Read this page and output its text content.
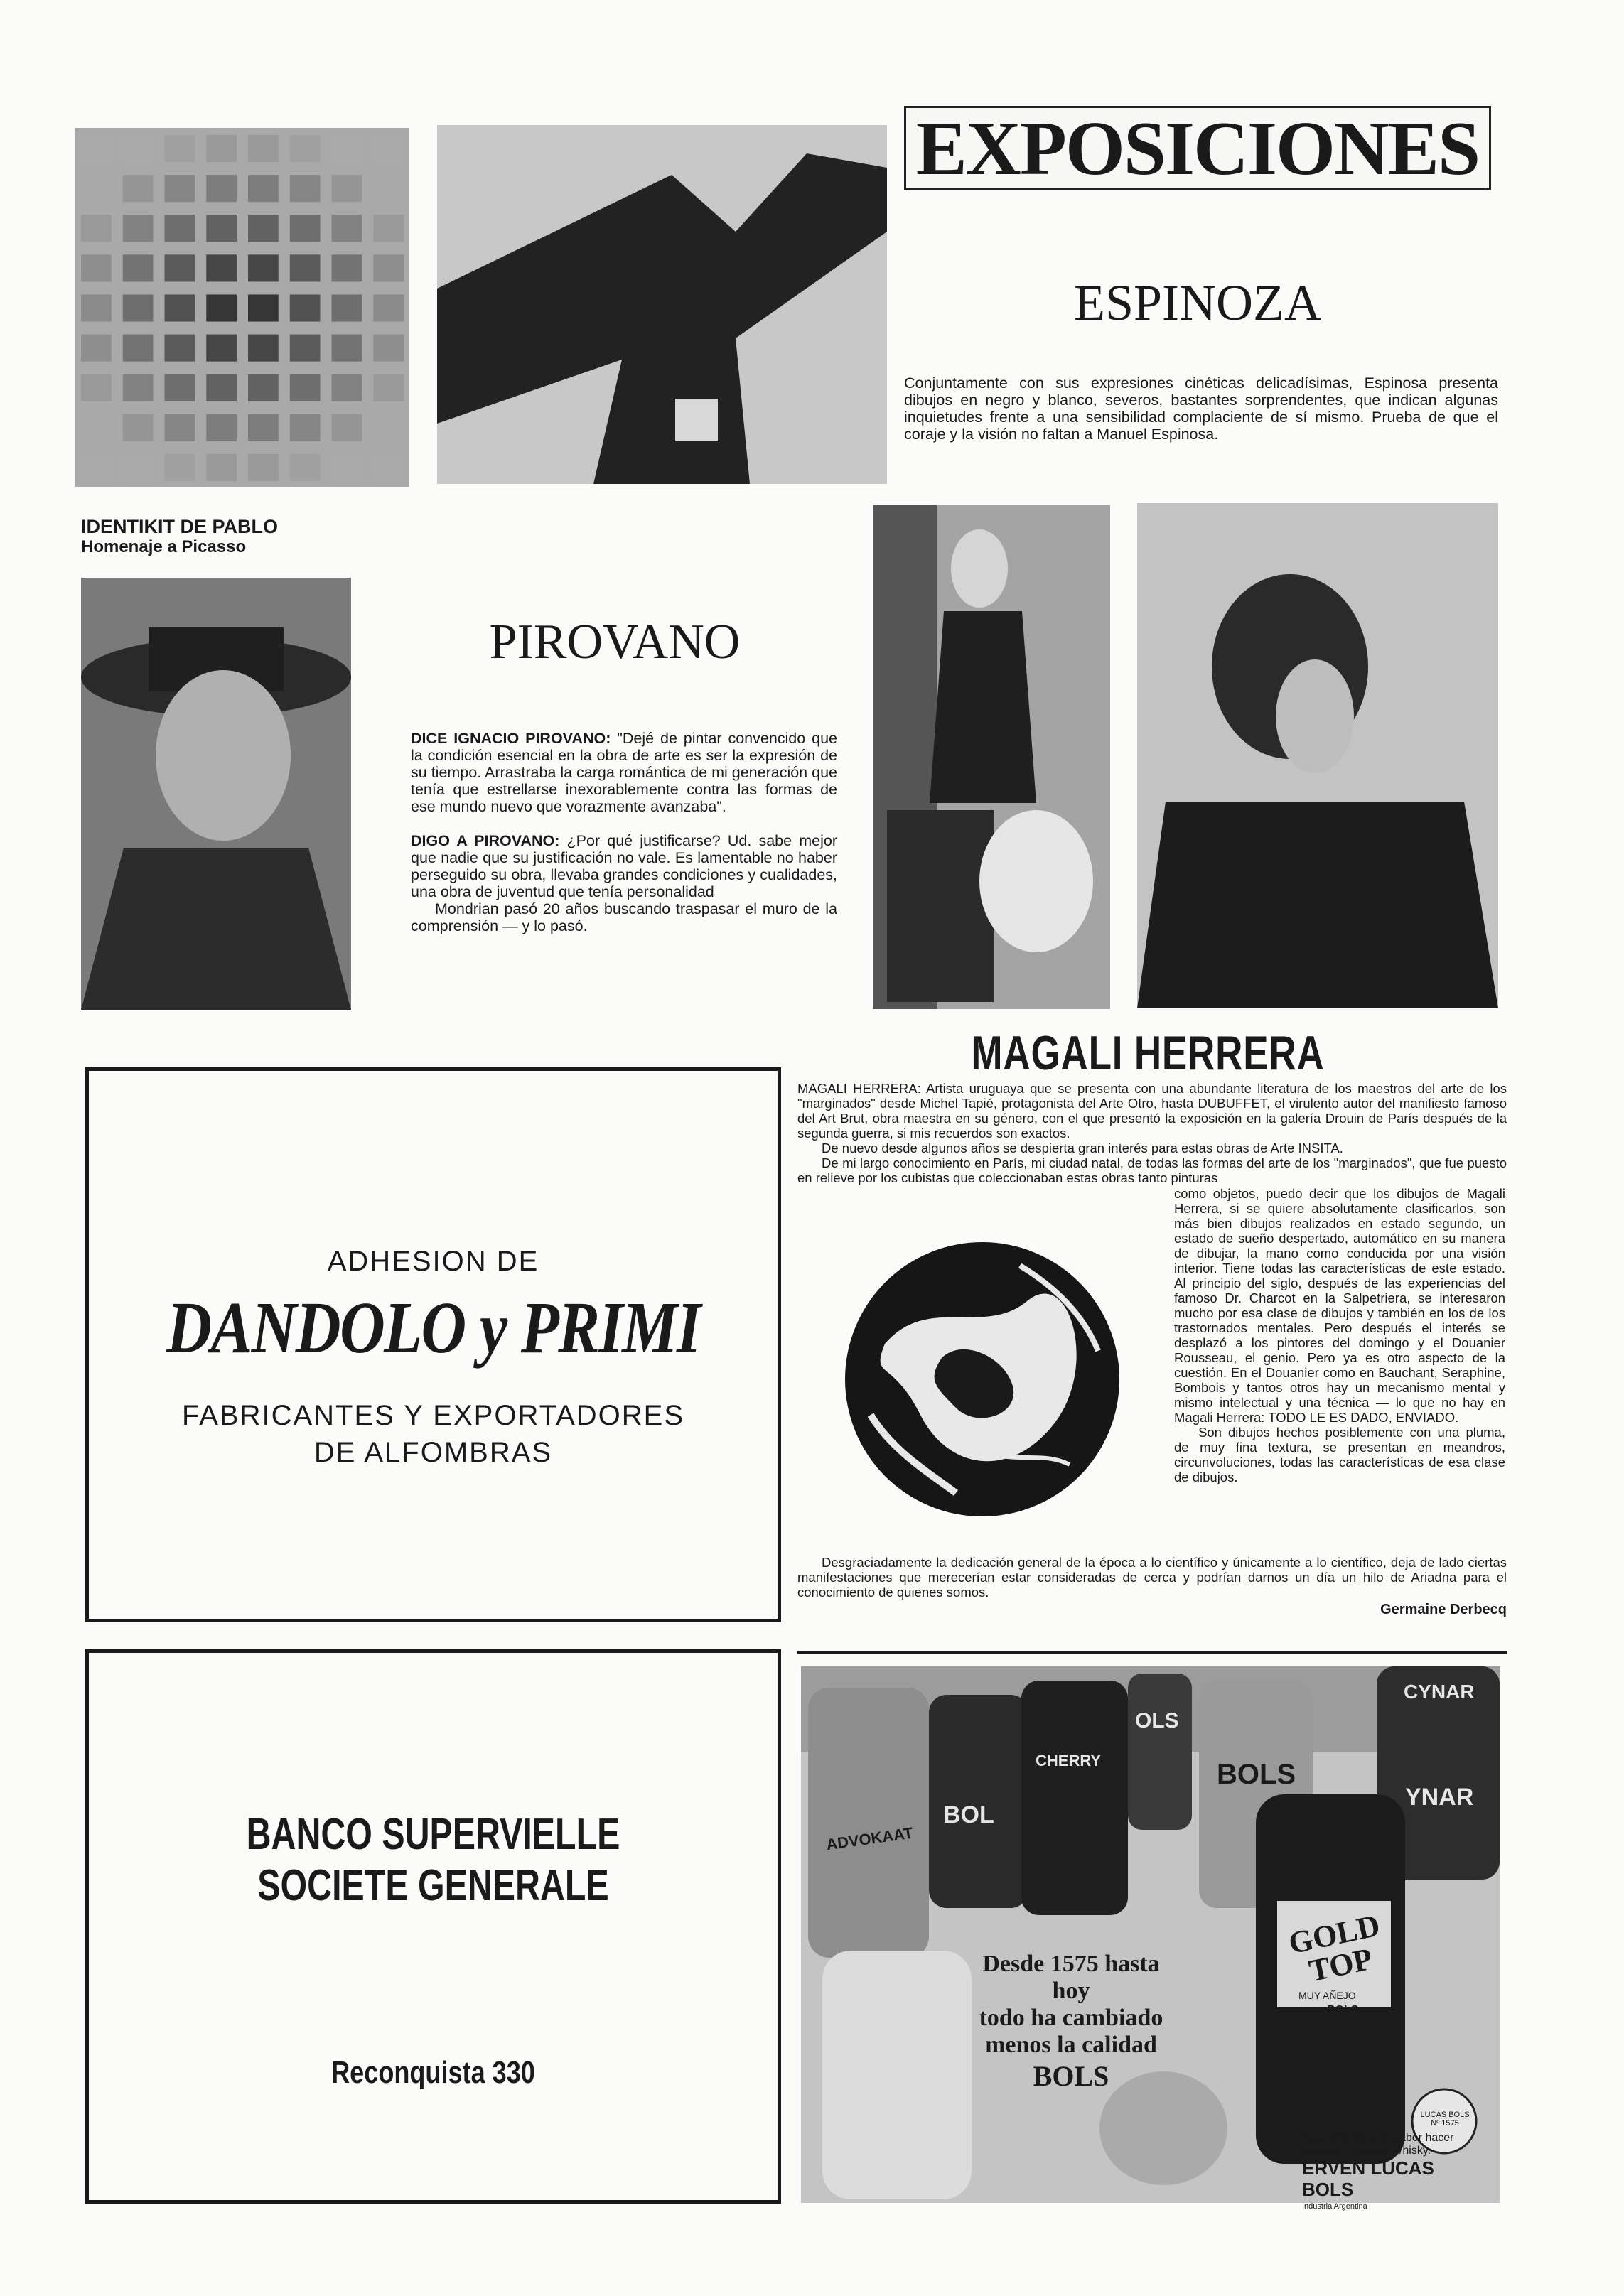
EXPOSICIONES
ESPINOZA

Conjuntamente con sus expresiones cinéticas delicadísimas, Espinosa presenta dibujos en negro y blanco, severos, bastantes sorprendentes, que indican algunas inquietudes frente a una sensibilidad complaciente de sí mismo. Prueba de que el coraje y la visión no faltan a Manuel Espinosa.

IDENTIKIT DE PABLO
Homenaje a Picasso
PIROVANO

DICE IGNACIO PIROVANO: "Dejé de pintar convencido que la condición esencial en la obra de arte es ser la expresión de su tiempo. Arrastraba la carga romántica de mi generación que tenía que estrellarse inexorablemente contra las formas de ese mundo nuevo que vorazmente avanzaba".

DIGO A PIROVANO: ¿Por qué justificarse? Ud. sabe mejor que nadie que su justificación no vale. Es lamentable no haber perseguido su obra, llevaba grandes condiciones y cualidades, una obra de juventud que tenía personalidad

Mondrian pasó 20 años buscando traspasar el muro de la comprensión — y lo pasó.

ADHESION DE
DANDOLO y PRIMI
FABRICANTES Y EXPORTADORES
DE ALFOMBRAS
MAGALI HERRERA

MAGALI HERRERA: Artista uruguaya que se presenta con una abundante literatura de los maestros del arte de los "marginados" desde Michel Tapié, protagonista del Arte Otro, hasta DUBUFFET, el virulento autor del manifiesto famoso del Art Brut, obra maestra en su género, con el que presentó la exposición en la galería Drouin de París después de la segunda guerra, si mis recuerdos son exactos.

De nuevo desde algunos años se despierta gran interés para estas obras de Arte INSITA.

De mi largo conocimiento en París, mi ciudad natal, de todas las formas del arte de los "marginados", que fue puesto en relieve por los cubistas que coleccionaban estas obras tanto pinturas

como objetos, puedo decir que los dibujos de Magali Herrera, si se quiere absolutamente clasificarlos, son más bien dibujos realizados en estado segundo, un estado de sueño despertado, automático en su manera de dibujar, la mano como conducida por una visión interior. Tiene todas las características de este estado. Al principio del siglo, después de las experiencias del famoso Dr. Charcot en la Salpetriera, se interesaron mucho por esa clase de dibujos y también en los de los trastornados mentales. Pero después el interés se desplazó a los pintores del domingo y el Douanier Rousseau, el genio. Pero ya es otro aspecto de la cuestión. En el Douanier como en Bauchant, Seraphine, Bombois y tantos otros hay un mecanismo mental y mismo intelectual y una técnica — lo que no hay en Magali Herrera: TODO LE ES DADO, ENVIADO.

Son dibujos hechos posiblemente con una pluma, de muy fina textura, se presentan en meandros, circunvoluciones, todas las características de esa clase de dibujos.

Desgraciadamente la dedicación general de la época a lo científico y únicamente a lo científico, deja de lado ciertas manifestaciones que merecerían estar consideradas de cerca y podrían darnos un día un hilo de Ariadna para el conocimiento de quienes somos.

Germaine Derbecq

BANCO SUPERVIELLE
SOCIETE GENERALE
Reconquista 330
ADVOKAAT
BOL
CHERRY
OLS
BOLS
CYNAR
YNAR
GOLD TOP
MUY AÑEJO
BOLS
LUCAS BOLS Nº 1575
Desde 1575 hasta hoy
todo ha cambiado
menos la calidad
BOLS
Casi 400 años de saber hacer
Ginebra, Licores, Whisky.
ERVEN LUCAS BOLS
Industria Argentina
